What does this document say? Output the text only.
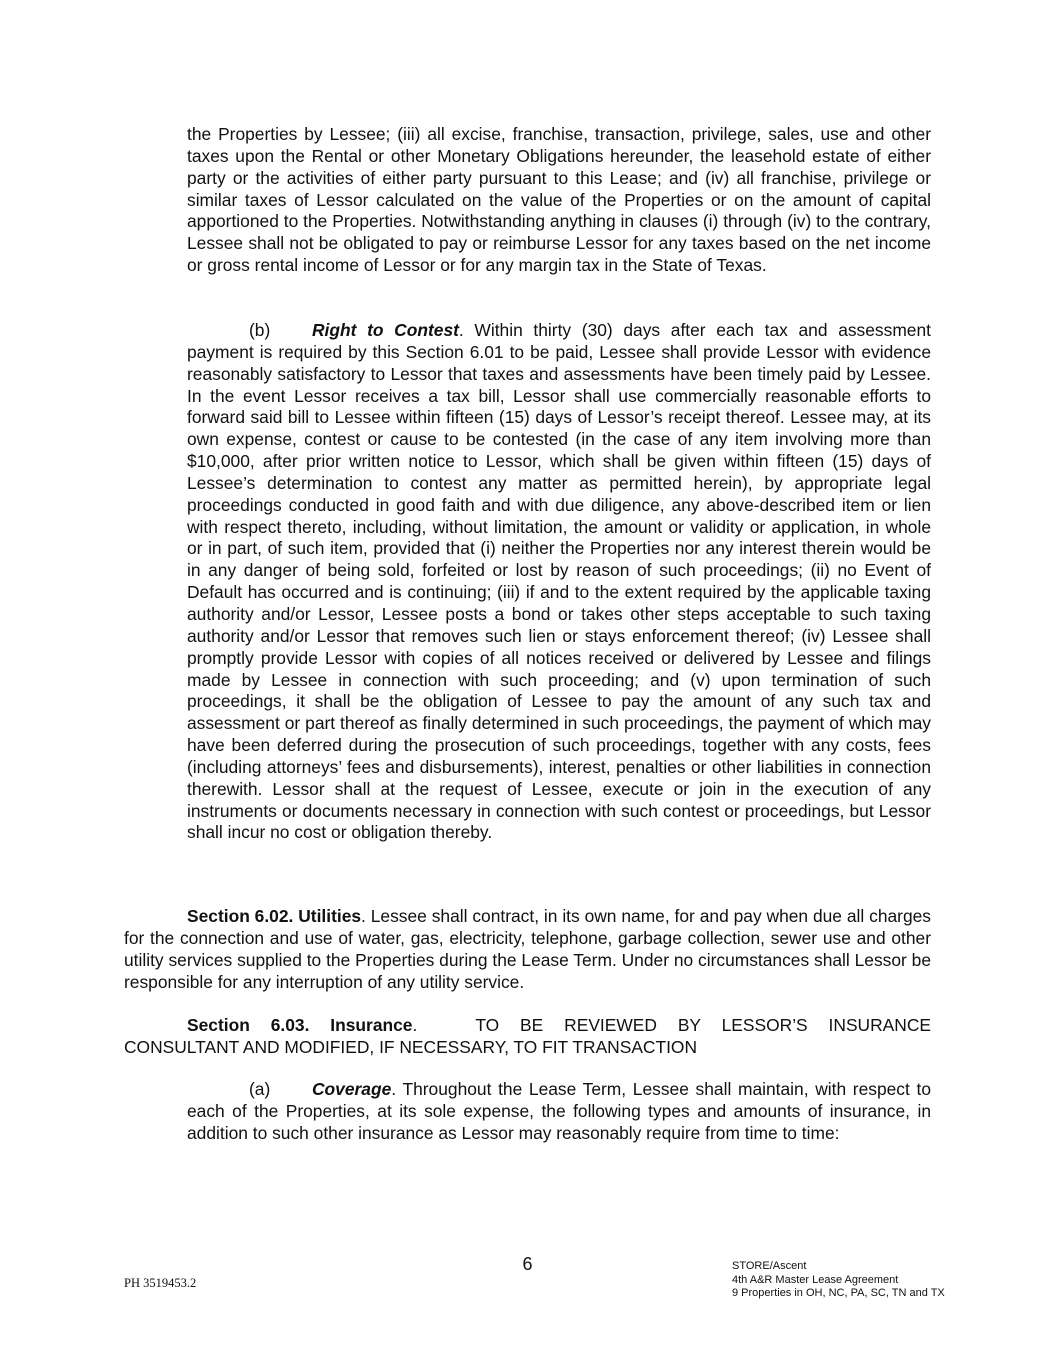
the Properties by Lessee; (iii) all excise, franchise, transaction, privilege, sales, use and other taxes upon the Rental or other Monetary Obligations hereunder, the leasehold estate of either party or the activities of either party pursuant to this Lease; and (iv) all franchise, privilege or similar taxes of Lessor calculated on the value of the Properties or on the amount of capital apportioned to the Properties. Notwithstanding anything in clauses (i) through (iv) to the contrary, Lessee shall not be obligated to pay or reimburse Lessor for any taxes based on the net income or gross rental income of Lessor or for any margin tax in the State of Texas.

(b) Right to Contest. Within thirty (30) days after each tax and assessment payment is required by this Section 6.01 to be paid, Lessee shall provide Lessor with evidence reasonably satisfactory to Lessor that taxes and assessments have been timely paid by Lessee. In the event Lessor receives a tax bill, Lessor shall use commercially reasonable efforts to forward said bill to Lessee within fifteen (15) days of Lessor’s receipt thereof. Lessee may, at its own expense, contest or cause to be contested (in the case of any item involving more than $10,000, after prior written notice to Lessor, which shall be given within fifteen (15) days of Lessee’s determination to contest any matter as permitted herein), by appropriate legal proceedings conducted in good faith and with due diligence, any above-described item or lien with respect thereto, including, without limitation, the amount or validity or application, in whole or in part, of such item, provided that (i) neither the Properties nor any interest therein would be in any danger of being sold, forfeited or lost by reason of such proceedings; (ii) no Event of Default has occurred and is continuing; (iii) if and to the extent required by the applicable taxing authority and/or Lessor, Lessee posts a bond or takes other steps acceptable to such taxing authority and/or Lessor that removes such lien or stays enforcement thereof; (iv) Lessee shall promptly provide Lessor with copies of all notices received or delivered by Lessee and filings made by Lessee in connection with such proceeding; and (v) upon termination of such proceedings, it shall be the obligation of Lessee to pay the amount of any such tax and assessment or part thereof as finally determined in such proceedings, the payment of which may have been deferred during the prosecution of such proceedings, together with any costs, fees (including attorneys’ fees and disbursements), interest, penalties or other liabilities in connection therewith. Lessor shall at the request of Lessee, execute or join in the execution of any instruments or documents necessary in connection with such contest or proceedings, but Lessor shall incur no cost or obligation thereby.

Section 6.02. Utilities. Lessee shall contract, in its own name, for and pay when due all charges for the connection and use of water, gas, electricity, telephone, garbage collection, sewer use and other utility services supplied to the Properties during the Lease Term. Under no circumstances shall Lessor be responsible for any interruption of any utility service.

Section 6.03. Insurance.	TO BE REVIEWED BY LESSOR’S INSURANCE CONSULTANT AND MODIFIED, IF NECESSARY, TO FIT TRANSACTION

(a) Coverage. Throughout the Lease Term, Lessee shall maintain, with respect to each of the Properties, at its sole expense, the following types and amounts of insurance, in addition to such other insurance as Lessor may reasonably require from time to time:

6
PH 3519453.2
STORE/Ascent
4th A&R Master Lease Agreement
9 Properties in OH, NC, PA, SC, TN and TX
